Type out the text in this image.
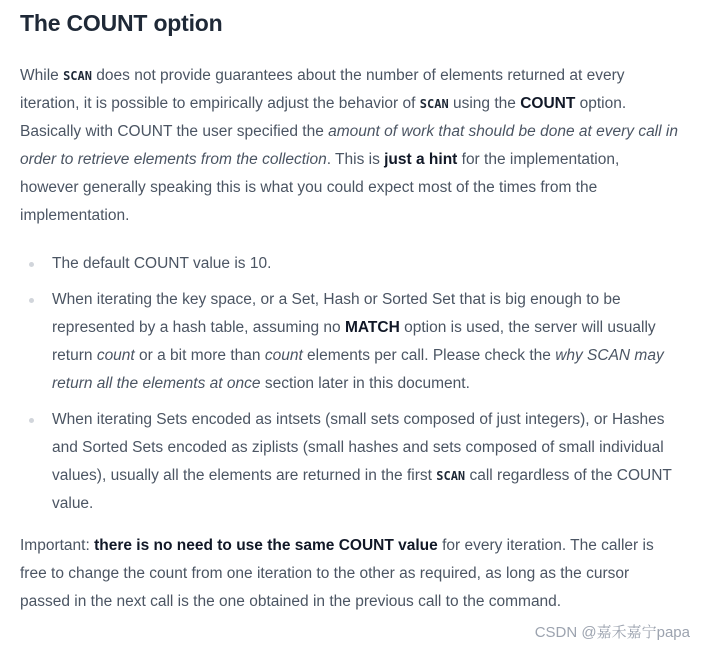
The COUNT option

While SCAN does not provide guarantees about the number of elements returned at every iteration, it is possible to empirically adjust the behavior of SCAN using the COUNT option. Basically with COUNT the user specified the amount of work that should be done at every call in order to retrieve elements from the collection. This is just a hint for the implementation, however generally speaking this is what you could expect most of the times from the implementation.

The default COUNT value is 10.
When iterating the key space, or a Set, Hash or Sorted Set that is big enough to be represented by a hash table, assuming no MATCH option is used, the server will usually return count or a bit more than count elements per call. Please check the why SCAN may return all the elements at once section later in this document.
When iterating Sets encoded as intsets (small sets composed of just integers), or Hashes and Sorted Sets encoded as ziplists (small hashes and sets composed of small individual values), usually all the elements are returned in the first SCAN call regardless of the COUNT value.

Important: there is no need to use the same COUNT value for every iteration. The caller is free to change the count from one iteration to the other as required, as long as the cursor passed in the next call is the one obtained in the previous call to the command.

CSDN @嘉禾嘉宁papa
